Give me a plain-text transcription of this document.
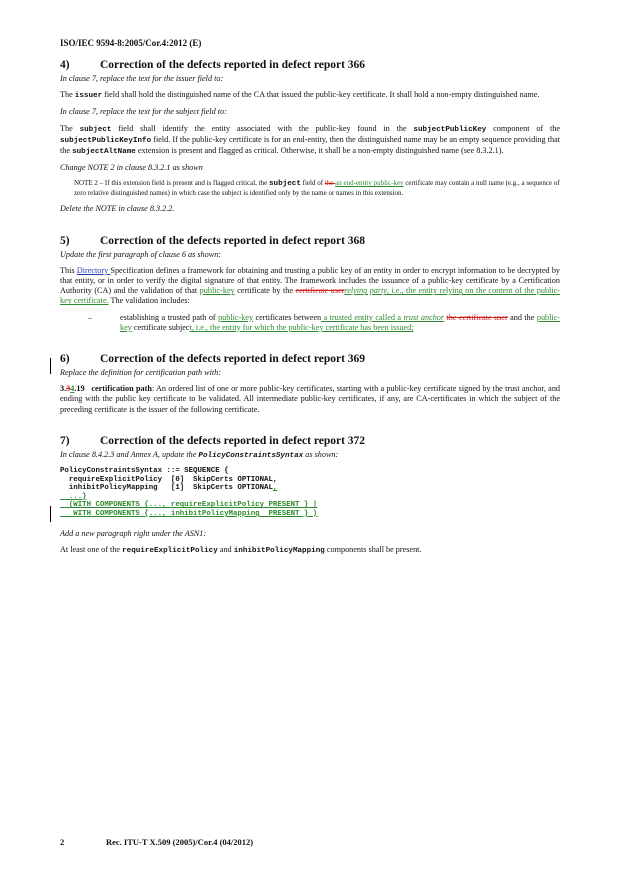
ISO/IEC 9594-8:2005/Cor.4:2012 (E)
4)	Correction of the defects reported in defect report 366

In clause 7, replace the text for the issuer field to:

The issuer field shall hold the distinguished name of the CA that issued the public-key certificate. It shall hold a non-empty distinguished name.

In clause 7, replace the text for the subject field to:

The subject field shall identify the entity associated with the public-key found in the subjectPublicKey component of the subjectPublicKeyInfo field. If the public-key certificate is for an end-entity, then the distinguished name may be an empty sequence providing that the subjectAltName extension is present and flagged as critical. Otherwise, it shall be a non-empty distinguished name (see 8.3.2.1).

Change NOTE 2 in clause 8.3.2.1 as shown

NOTE 2 – If this extension field is present and is flagged critical, the subject field of the an end-entity public-key certificate may contain a null name (e.g., a sequence of zero relative distinguished names) in which case the subject is identified only by the name or names in this extension.

Delete the NOTE in clause 8.3.2.2.

5)	Correction of the defects reported in defect report 368

Update the first paragraph of clause 6 as shown:

This Directory Specification defines a framework for obtaining and trusting a public key of an entity in order to encrypt information to be decrypted by that entity, or in order to verify the digital signature of that entity. The framework includes the issuance of a public-key certificate by a Certification Authority (CA) and the validation of that public-key certificate by the certificate userrelying party, i.e., the entity relying on the content of the public-key certificate. The validation includes:

–	establishing a trusted path of public-key certificates between a trusted entity called a trust anchor the certificate user and the public-key certificate subject, i.e., the entity for which the public-key certificate has been issued;
6)	Correction of the defects reported in defect report 369

Replace the definition for certification path with:

3.34.19 certification path: An ordered list of one or more public-key certificates, starting with a public-key certificate signed by the trust anchor, and ending with the public key certificate to be validated. All intermediate public-key certificates, if any, are CA-certificates in which the subject of the preceding certificate is the issuer of the following certificate.

7)	Correction of the defects reported in defect report 372

In clause 8.4.2.3 and Annex A, update the PolicyConstraintsSyntax as shown:

PolicyConstraintsSyntax ::= SEQUENCE {
requireExplicitPolicy  [0]  SkipCerts OPTIONAL,
inhibitPolicyMapping   [1]  SkipCerts OPTIONAL,
...}
(WITH COMPONENTS {..., requireExplicitPolicy PRESENT } |
WITH COMPONENTS {..., inhibitPolicyMapping  PRESENT } )

Add a new paragraph right under the ASN1:

At least one of the requireExplicitPolicy and inhibitPolicyMapping components shall be present.

2	Rec. ITU-T X.509 (2005)/Cor.4 (04/2012)
